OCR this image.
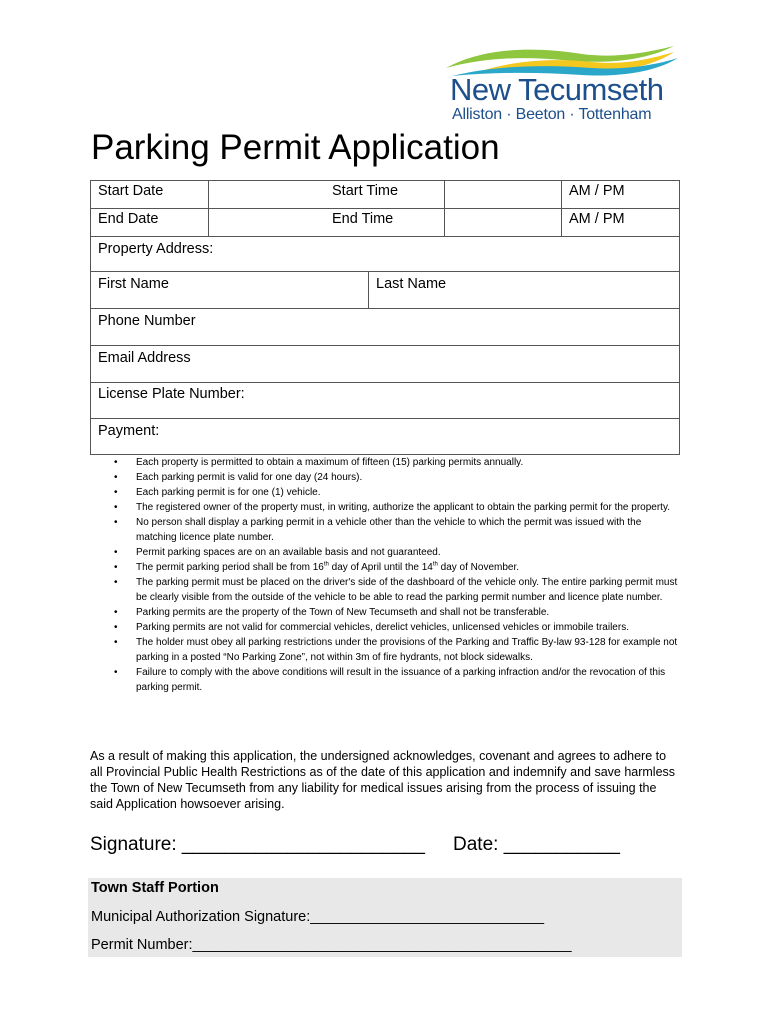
New Tecumseth
Alliston · Beeton · Tottenham
Parking Permit Application
Start Date	Start Time	AM / PM
End Date	End Time	AM / PM
Property Address:
First Name	Last Name
Phone Number
Email Address
License Plate Number:
Payment:
• Each property is permitted to obtain a maximum of fifteen (15) parking permits annually.
• Each parking permit is valid for one day (24 hours).
• Each parking permit is for one (1) vehicle.
• The registered owner of the property must, in writing, authorize the applicant to obtain the parking permit for the property.
• No person shall display a parking permit in a vehicle other than the vehicle to which the permit was issued with the matching licence plate number.
• Permit parking spaces are on an available basis and not guaranteed.
• The permit parking period shall be from 16th day of April until the 14th day of November.
• The parking permit must be placed on the driver's side of the dashboard of the vehicle only. The entire parking permit must be clearly visible from the outside of the vehicle to be able to read the parking permit number and licence plate number.
• Parking permits are the property of the Town of New Tecumseth and shall not be transferable.
• Parking permits are not valid for commercial vehicles, derelict vehicles, unlicensed vehicles or immobile trailers.
• The holder must obey all parking restrictions under the provisions of the Parking and Traffic By-law 93-128 for example not parking in a posted “No Parking Zone”, not within 3m of fire hydrants, not block sidewalks.
• Failure to comply with the above conditions will result in the issuance of a parking infraction and/or the revocation of this parking permit.
As a result of making this application, the undersigned acknowledges, covenant and agrees to adhere to all Provincial Public Health Restrictions as of the date of this application and indemnify and save harmless the Town of New Tecumseth from any liability for medical issues arising from the process of issuing the said Application howsoever arising.
Signature: _______________________ Date: ___________
Town Staff Portion
Municipal Authorization Signature:_____________________________
Permit Number:_______________________________________________
